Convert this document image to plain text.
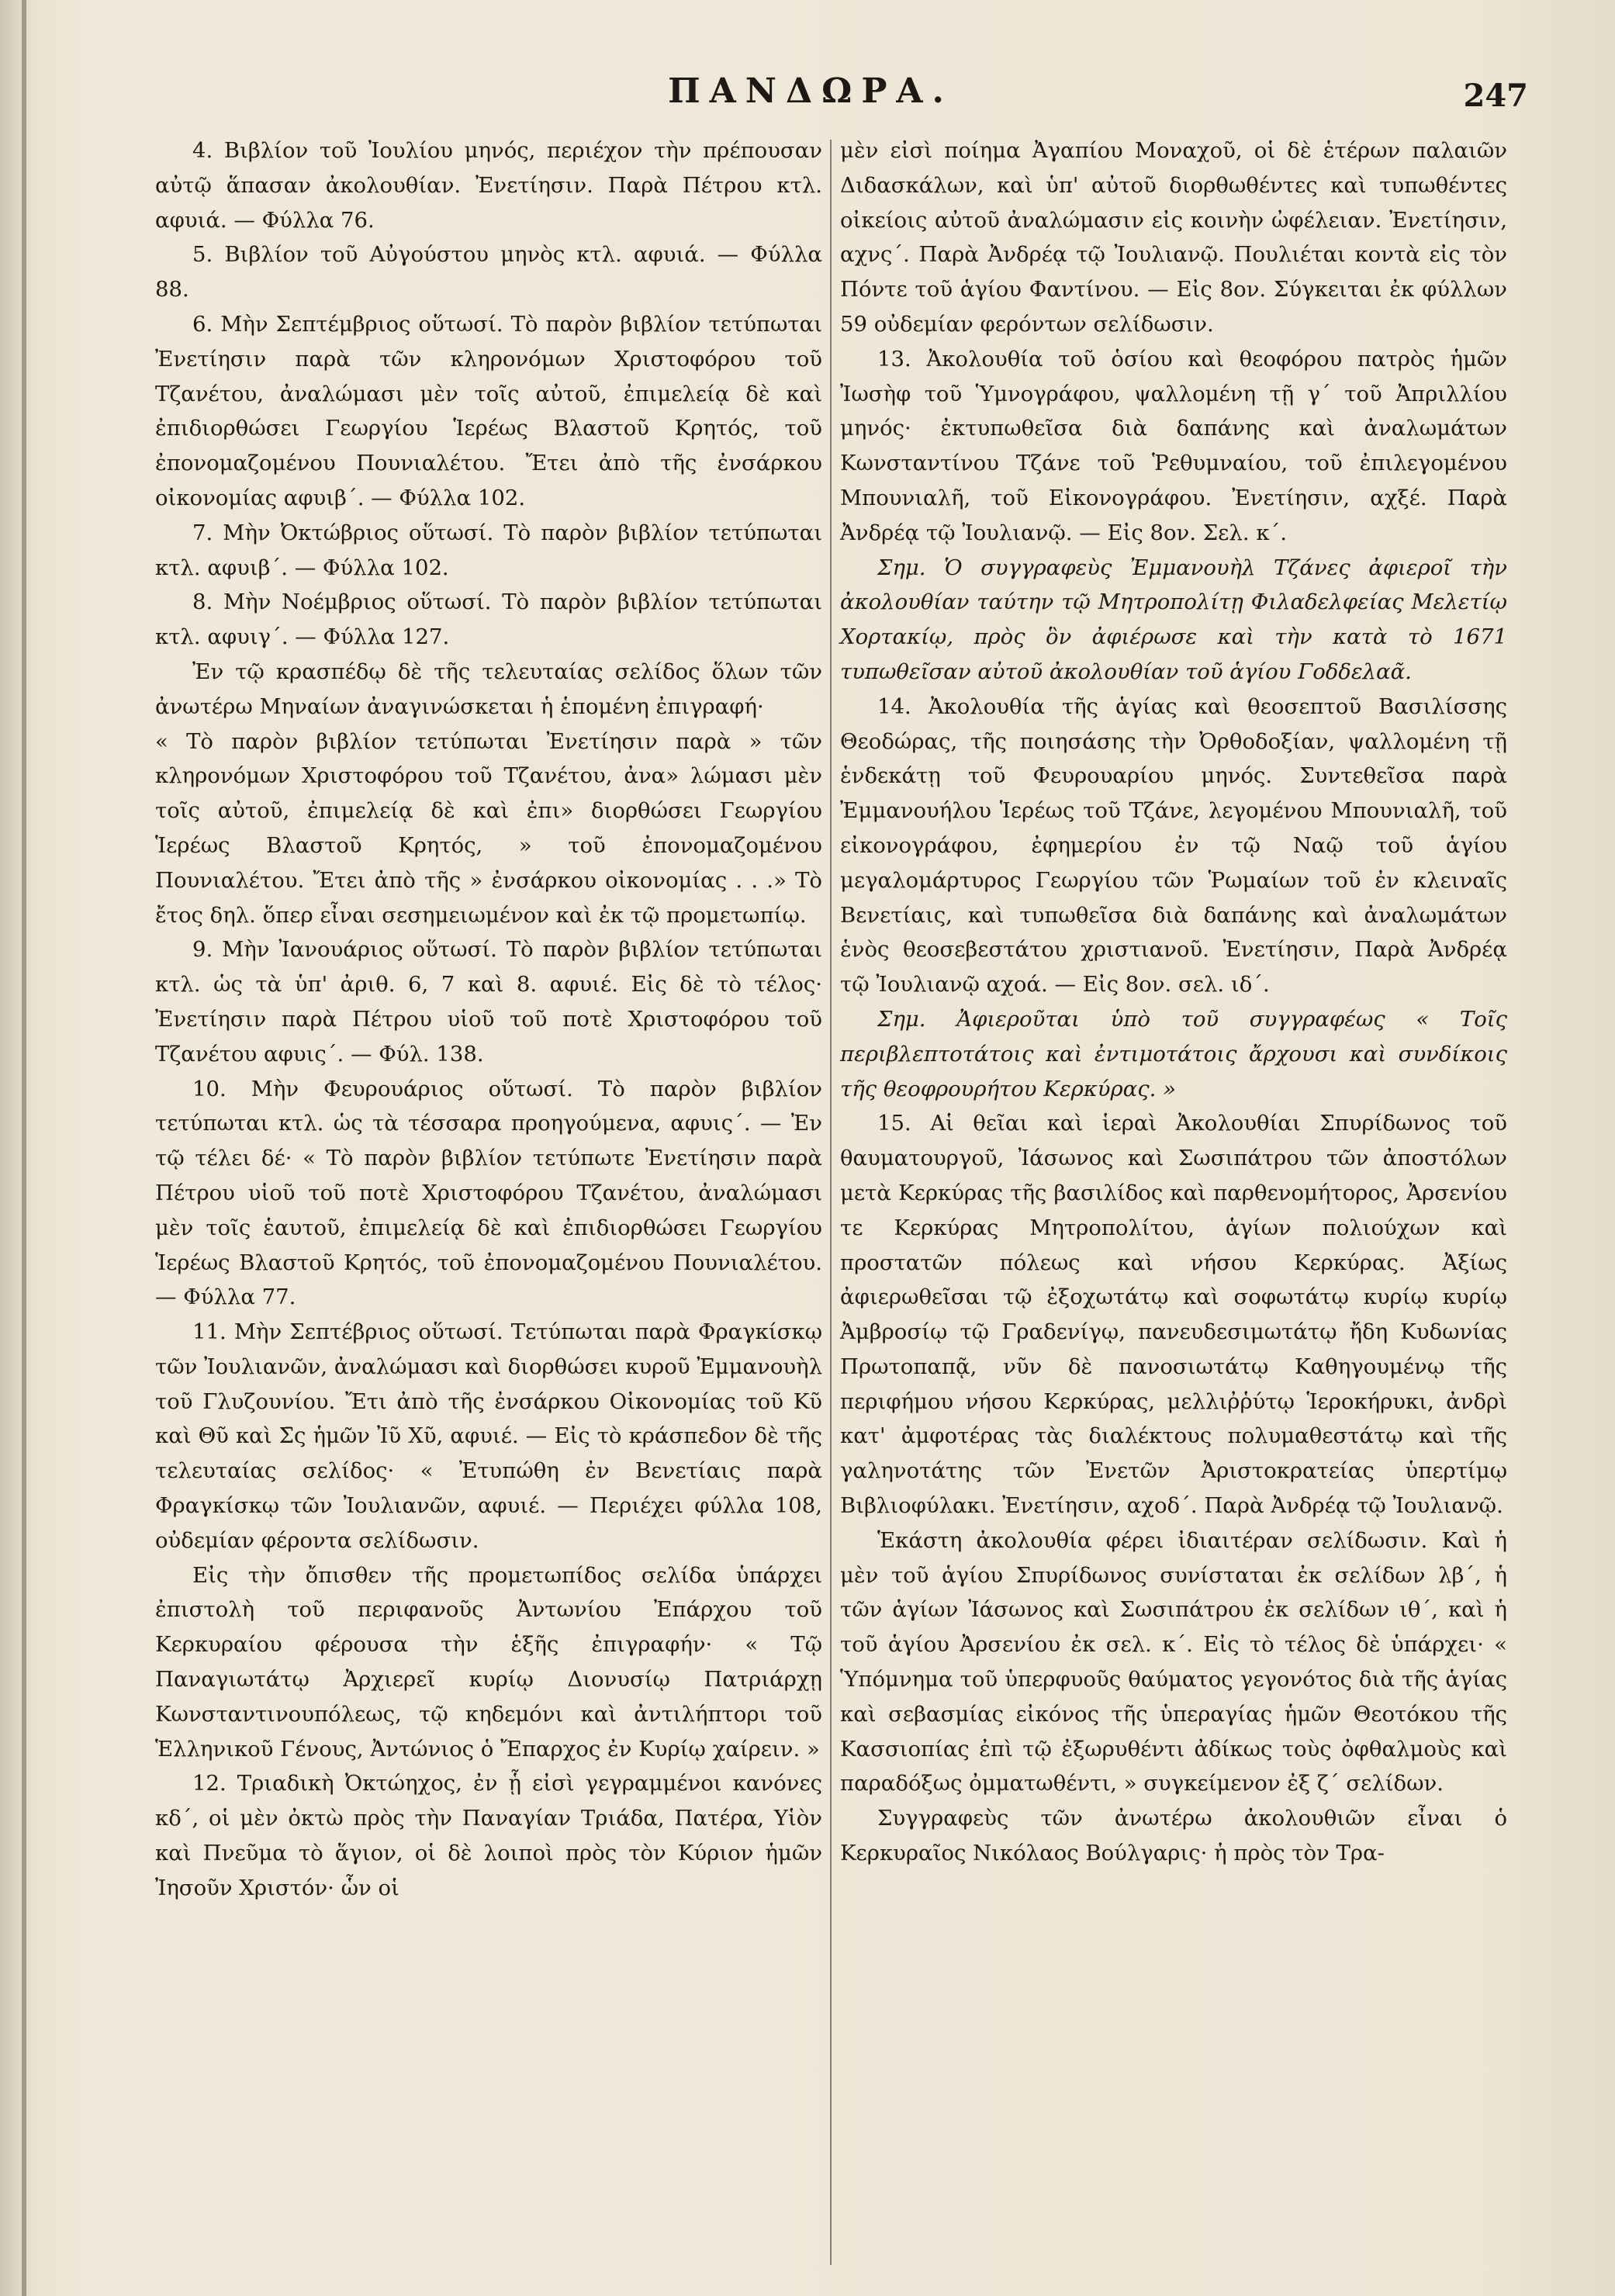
ΠΑΝΔΩΡΑ.	247

4. Βιβλίον τοῦ Ἰουλίου μηνός, περιέχον τὴν πρέπουσαν αὐτῷ ἅπασαν ἀκολουθίαν. Ἐνετίησιν. Παρὰ Πέτρου κτλ. αφυιά. — Φύλλα 76.

5. Βιβλίον τοῦ Αὐγούστου μηνὸς κτλ. αφυιά. — Φύλλα 88.

6. Μὴν Σεπτέμβριος οὕτωσί. Τὸ παρὸν βιβλίον τετύπωται Ἐνετίησιν παρὰ τῶν κληρονόμων Χριστοφόρου τοῦ Τζανέτου, ἀναλώμασι μὲν τοῖς αὐτοῦ, ἐπιμελείᾳ δὲ καὶ ἐπιδιορθώσει Γεωργίου Ἱερέως Βλαστοῦ Κρητός, τοῦ ἐπονομαζομένου Πουνιαλέτου. Ἔτει ἀπὸ τῆς ἐνσάρκου οἰκονομίας αφυιβ΄. — Φύλλα 102.

7. Μὴν Ὀκτώβριος οὕτωσί. Τὸ παρὸν βιβλίον τετύπωται κτλ. αφυιβ΄. — Φύλλα 102.

8. Μὴν Νοέμβριος οὕτωσί. Τὸ παρὸν βιβλίον τετύπωται κτλ. αφυιγ΄. — Φύλλα 127.

Ἐν τῷ κρασπέδῳ δὲ τῆς τελευταίας σελίδος ὅλων τῶν ἀνωτέρω Μηναίων ἀναγινώσκεται ἡ ἑπομένη ἐπιγραφή·

« Τὸ παρὸν βιβλίον τετύπωται Ἐνετίησιν παρὰ » τῶν κληρονόμων Χριστοφόρου τοῦ Τζανέτου, ἀνα» λώμασι μὲν τοῖς αὐτοῦ, ἐπιμελείᾳ δὲ καὶ ἐπι» διορθώσει Γεωργίου Ἱερέως Βλαστοῦ Κρητός, » τοῦ ἐπονομαζομένου Πουνιαλέτου. Ἔτει ἀπὸ τῆς » ἐνσάρκου οἰκονομίας . . .» Τὸ ἔτος δηλ. ὅπερ εἶναι σεσημειωμένον καὶ ἐκ τῷ προμετωπίῳ.

9. Μὴν Ἰανουάριος οὕτωσί. Τὸ παρὸν βιβλίον τετύπωται κτλ. ὡς τὰ ὑπ' ἀριθ. 6, 7 καὶ 8. αφυιέ. Εἰς δὲ τὸ τέλος· Ἐνετίησιν παρὰ Πέτρου υἱοῦ τοῦ ποτὲ Χριστοφόρου τοῦ Τζανέτου αφυις΄. — Φύλ. 138.

10. Μὴν Φευρουάριος οὕτωσί. Τὸ παρὸν βιβλίον τετύπωται κτλ. ὡς τὰ τέσσαρα προηγούμενα, αφυις΄. — Ἐν τῷ τέλει δέ· « Τὸ παρὸν βιβλίον τετύπωτε Ἐνετίησιν παρὰ Πέτρου υἱοῦ τοῦ ποτὲ Χριστοφόρου Τζανέτου, ἀναλώμασι μὲν τοῖς ἑαυτοῦ, ἐπιμελείᾳ δὲ καὶ ἐπιδιορθώσει Γεωργίου Ἱερέως Βλαστοῦ Κρητός, τοῦ ἐπονομαζομένου Πουνιαλέτου. — Φύλλα 77.

11. Μὴν Σεπτέβριος οὕτωσί. Τετύπωται παρὰ Φραγκίσκῳ τῶν Ἰουλιανῶν, ἀναλώμασι καὶ διορθώσει κυροῦ Ἐμμανουὴλ τοῦ Γλυζουνίου. Ἔτι ἀπὸ τῆς ἐνσάρκου Οἰκονομίας τοῦ Κῦ καὶ Θῦ καὶ Σ̄ς ἡμῶν Ἰῦ Χῦ, αφυιέ. — Εἰς τὸ κράσπεδον δὲ τῆς τελευταίας σελίδος· « Ἐτυπώθη ἐν Βενετίαις παρὰ Φραγκίσκῳ τῶν Ἰουλιανῶν, αφυιέ. — Περιέχει φύλλα 108, οὐδεμίαν φέροντα σελίδωσιν.

Εἰς τὴν ὄπισθεν τῆς προμετωπίδος σελίδα ὑπάρχει ἐπιστολὴ τοῦ περιφανοῦς Ἀντωνίου Ἐπάρχου τοῦ Κερκυραίου φέρουσα τὴν ἑξῆς ἐπιγραφήν· « Τῷ Παναγιωτάτῳ Ἀρχιερεῖ κυρίῳ Διονυσίῳ Πατριάρχῃ Κωνσταντινουπόλεως, τῷ κηδεμόνι καὶ ἀντιλήπτορι τοῦ Ἑλληνικοῦ Γένους, Ἀντώνιος ὁ Ἔπαρχος ἐν Κυρίῳ χαίρειν. »

12. Τριαδικὴ Ὀκτώηχος, ἐν ᾗ εἰσὶ γεγραμμένοι κανόνες κδ΄, οἱ μὲν ὀκτὼ πρὸς τὴν Παναγίαν Τριάδα, Πατέρα, Υἱὸν καὶ Πνεῦμα τὸ ἅγιον, οἱ δὲ λοιποὶ πρὸς τὸν Κύριον ἡμῶν Ἰησοῦν Χριστόν· ὧν οἱ

μὲν εἰσὶ ποίημα Ἀγαπίου Μοναχοῦ, οἱ δὲ ἑτέρων παλαιῶν Διδασκάλων, καὶ ὑπ' αὐτοῦ διορθωθέντες καὶ τυπωθέντες οἰκείοις αὐτοῦ ἀναλώμασιν εἰς κοινὴν ὠφέλειαν. Ἐνετίησιν, αχνς΄. Παρὰ Ἀνδρέᾳ τῷ Ἰουλιανῷ. Πουλιέται κοντὰ εἰς τὸν Πόντε τοῦ ἁγίου Φαντίνου. — Εἰς 8ον. Σύγκειται ἐκ φύλλων 59 οὐδεμίαν φερόντων σελίδωσιν.

13. Ἀκολουθία τοῦ ὁσίου καὶ θεοφόρου πατρὸς ἡμῶν Ἰωσὴφ τοῦ Ὑμνογράφου, ψαλλομένη τῇ γ΄ τοῦ Ἀπριλλίου μηνός· ἐκτυπωθεῖσα διὰ δαπάνης καὶ ἀναλωμάτων Κωνσταντίνου Τζάνε τοῦ Ῥεθυμναίου, τοῦ ἐπιλεγομένου Μπουνιαλῆ, τοῦ Εἰκονογράφου. Ἐνετίησιν, αχξέ. Παρὰ Ἀνδρέᾳ τῷ Ἰουλιανῷ. — Εἰς 8ον. Σελ. κ΄.

Σημ. Ὁ συγγραφεὺς Ἐμμανουὴλ Τζάνες ἀφιεροῖ τὴν ἀκολουθίαν ταύτην τῷ Μητροπολίτῃ Φιλαδελφείας Μελετίῳ Χορτακίῳ, πρὸς ὃν ἀφιέρωσε καὶ τὴν κατὰ τὸ 1671 τυπωθεῖσαν αὐτοῦ ἀκολουθίαν τοῦ ἁγίου Γοδδελαᾶ.

14. Ἀκολουθία τῆς ἁγίας καὶ θεοσεπτοῦ Βασιλίσσης Θεοδώρας, τῆς ποιησάσης τὴν Ὀρθοδοξίαν, ψαλλομένη τῇ ἑνδεκάτῃ τοῦ Φευρουαρίου μηνός. Συντεθεῖσα παρὰ Ἐμμανουήλου Ἱερέως τοῦ Τζάνε, λεγομένου Μπουνιαλῆ, τοῦ εἰκονογράφου, ἐφημερίου ἐν τῷ Ναῷ τοῦ ἁγίου μεγαλομάρτυρος Γεωργίου τῶν Ῥωμαίων τοῦ ἐν κλειναῖς Βενετίαις, καὶ τυπωθεῖσα διὰ δαπάνης καὶ ἀναλωμάτων ἑνὸς θεοσεβεστάτου χριστιανοῦ. Ἐνετίησιν, Παρὰ Ἀνδρέᾳ τῷ Ἰουλιανῷ αχοά. — Εἰς 8ον. σελ. ιδ΄.

Σημ. Ἀφιεροῦται ὑπὸ τοῦ συγγραφέως « Τοῖς περιβλεπτοτάτοις καὶ ἐντιμοτάτοις ἄρχουσι καὶ συνδίκοις τῆς θεοφρουρήτου Κερκύρας. »

15. Αἱ θεῖαι καὶ ἱεραὶ Ἀκολουθίαι Σπυρίδωνος τοῦ θαυματουργοῦ, Ἰάσωνος καὶ Σωσιπάτρου τῶν ἀποστόλων μετὰ Κερκύρας τῆς βασιλίδος καὶ παρθενομήτορος, Ἀρσενίου τε Κερκύρας Μητροπολίτου, ἁγίων πολιούχων καὶ προστατῶν πόλεως καὶ νήσου Κερκύρας. Ἀξίως ἀφιερωθεῖσαι τῷ ἐξοχωτάτῳ καὶ σοφωτάτῳ κυρίῳ κυρίῳ Ἀμβροσίῳ τῷ Γραδενίγῳ, πανευδεσιμωτάτῳ ἤδη Κυδωνίας Πρωτοπαπᾷ, νῦν δὲ πανοσιωτάτῳ Καθηγουμένῳ τῆς περιφήμου νήσου Κερκύρας, μελλιῤῥύτῳ Ἱεροκήρυκι, ἀνδρὶ κατ' ἀμφοτέρας τὰς διαλέκτους πολυμαθεστάτῳ καὶ τῆς γαληνοτάτης τῶν Ἐνετῶν Ἀριστοκρατείας ὑπερτίμῳ Βιβλιοφύλακι. Ἐνετίησιν, αχοδ΄. Παρὰ Ἀνδρέᾳ τῷ Ἰουλιανῷ.

Ἑκάστη ἀκολουθία φέρει ἰδιαιτέραν σελίδωσιν. Καὶ ἡ μὲν τοῦ ἁγίου Σπυρίδωνος συνίσταται ἐκ σελίδων λβ΄, ἡ τῶν ἁγίων Ἰάσωνος καὶ Σωσιπάτρου ἐκ σελίδων ιθ΄, καὶ ἡ τοῦ ἁγίου Ἀρσενίου ἐκ σελ. κ΄. Εἰς τὸ τέλος δὲ ὑπάρχει· « Ὑπόμνημα τοῦ ὑπερφυοῦς θαύματος γεγονότος διὰ τῆς ἁγίας καὶ σεβασμίας εἰκόνος τῆς ὑπεραγίας ἡμῶν Θεοτόκου τῆς Κασσιοπίας ἐπὶ τῷ ἐξωρυθέντι ἀδίκως τοὺς ὀφθαλμοὺς καὶ παραδόξως ὀμματωθέντι, » συγκείμενον ἐξ ζ΄ σελίδων.

Συγγραφεὺς τῶν ἀνωτέρω ἀκολουθιῶν εἶναι ὁ Κερκυραῖος Νικόλαος Βούλγαρις· ἡ πρὸς τὸν Τρα-
